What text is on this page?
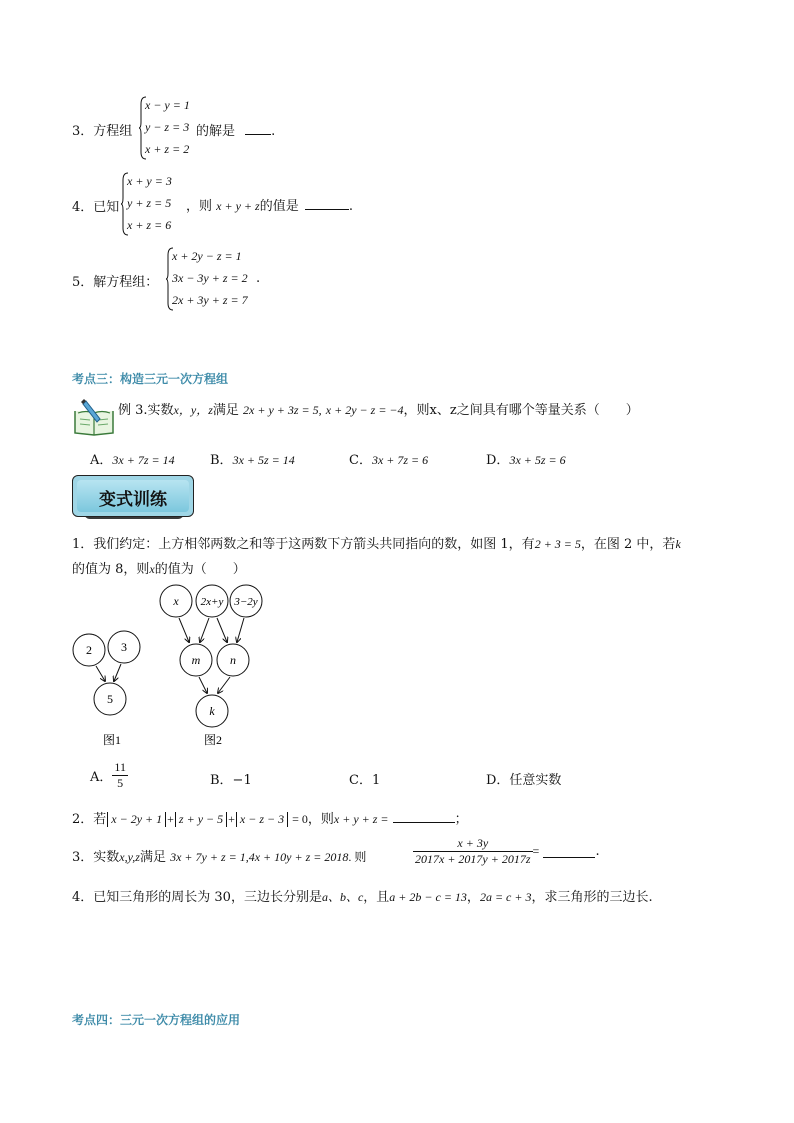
3．方程组
x − y = 1
y − z = 3
x + z = 2
的解是	.
4．已知
x + y = 3
y + z = 5
x + z = 6
，则 x + y + z的值是	.
5．解方程组：
x + 2y − z = 1
3x − 3y + z = 2
2x + 3y + z = 7
.
考点三：构造三元一次方程组
例 3.实数x，y，z满足 2x + y + 3z = 5, x + 2y − z = −4，则x、z之间具有哪个等量关系（　　）
A．3x + 7z = 14	B．3x + 5z = 14	C．3x + 7z = 6	D．3x + 5z = 6
变式训练
1．我们约定：上方相邻两数之和等于这两数下方箭头共同指向的数，如图 1，有2 + 3 = 5，在图 2 中，若k
的值为 8，则x的值为（　　）
2 3
5
图1
x 2x+y 3−2y
m n
k
图2
A． $\frac{11}{5}$	B．−1	C．1	D．任意实数
2．若 x − 2y + 1 + z + y − 5 + x − z − 3 = 0，则x + y + z =	；
3．实数x,y,z满足 3x + 7y + z = 1,4x + 10y + z = 2018. 则	$\frac{x + 3y}{2017x + 2017y + 2017z}$ =	.
4．已知三角形的周长为 30，三边长分别是a、b、c，且a + 2b − c = 13，2a = c + 3，求三角形的三边长.
考点四：三元一次方程组的应用
